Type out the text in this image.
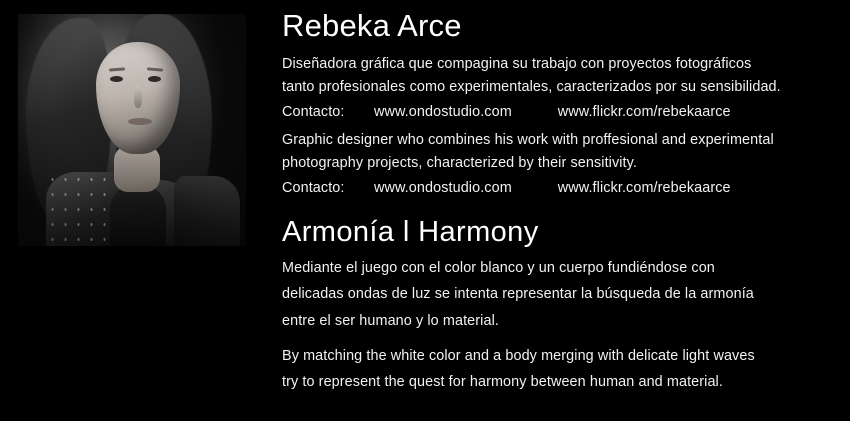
Rebeka Arce

Diseñadora gráfica que compagina su trabajo con proyectos fotográficos

tanto profesionales como experimentales, caracterizados por su sensibilidad.

Contacto:	www.ondostudio.com	www.flickr.com/rebekaarce

Graphic designer who combines his work with proffesional and experimental

photography projects, characterized by their sensitivity.

Contacto:	www.ondostudio.com	www.flickr.com/rebekaarce
Armonía l Harmony

Mediante el juego con el color blanco y un cuerpo fundiéndose con

delicadas ondas de luz se intenta representar la búsqueda de la armonía

entre el ser humano y lo material.

By matching the white color and a body merging with delicate light waves

try to represent the quest for harmony between human and material.
